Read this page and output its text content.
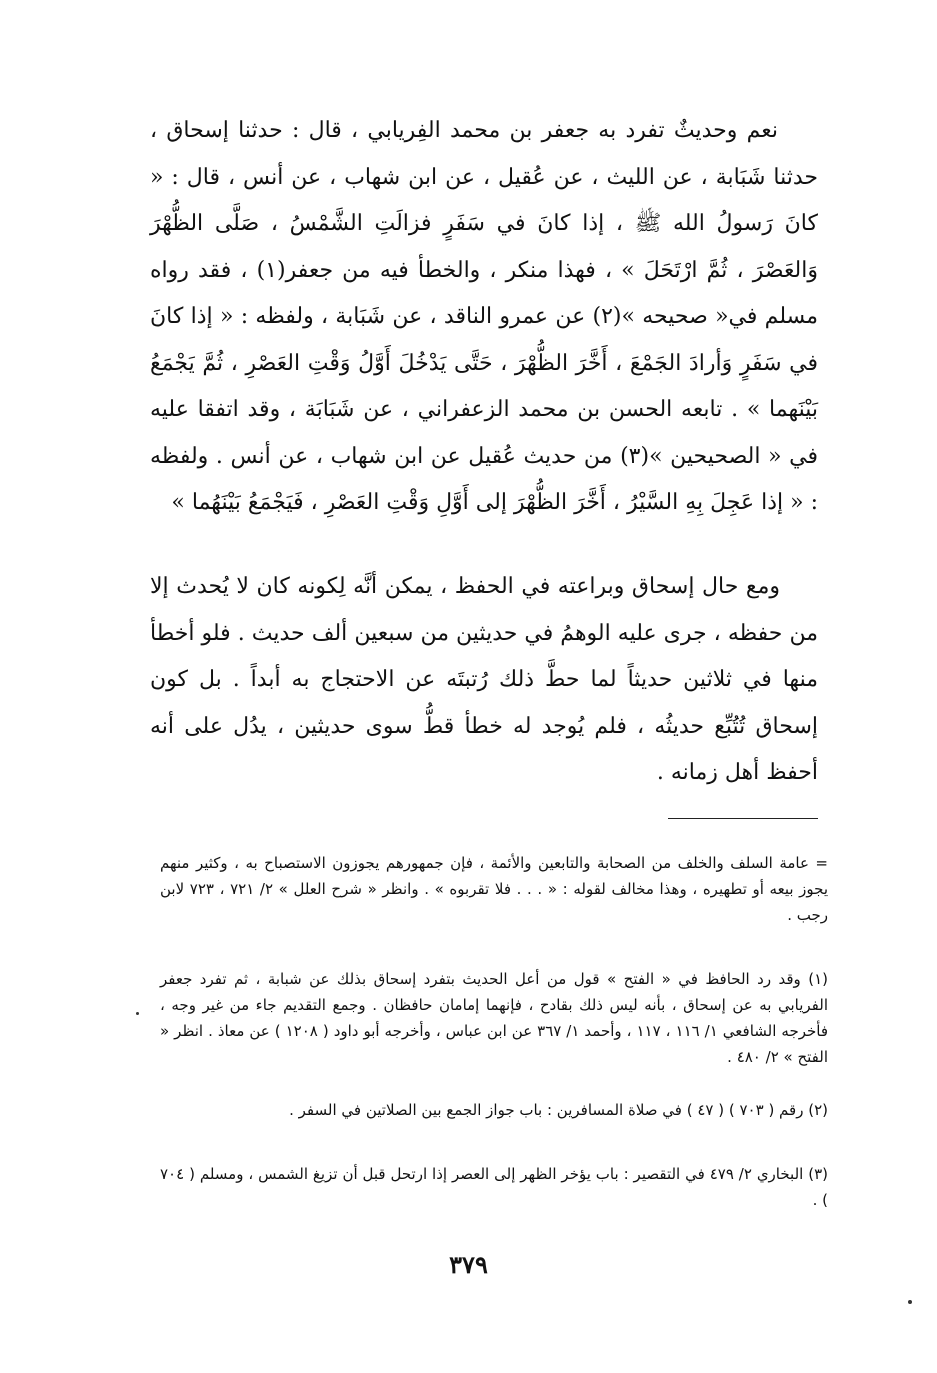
نعم وحديثٌ تفرد به جعفر بن محمد الفِريابي ، قال : حدثنا إسحاق ، حدثنا شَبَابة ، عن الليث ، عن عُقيل ، عن ابن شهاب ، عن أنس ، قال : « كانَ رَسولُ الله ﷺ ، إذا كانَ في سَفَرٍ فزالَتِ الشَّمْسُ ، صَلَّى الظُّهْرَ وَالعَصْرَ ، ثُمَّ ارْتَحَلَ » ، فهذا منكر ، والخطأ فيه من جعفر(١) ، فقد رواه مسلم في« صحيحه »(٢) عن عمرو الناقد ، عن شَبَابة ، ولفظه : « إذا كانَ في سَفَرٍ وَأرادَ الجَمْعَ ، أَخَّرَ الظُّهْرَ ، حَتَّى يَدْخُلَ أَوَّلُ وَقْتِ العَصْرِ ، ثُمَّ يَجْمَعُ بَيْنَهما » . تابعه الحسن بن محمد الزعفراني ، عن شَبَابَة ، وقد اتفقا عليه في « الصحيحين »(٣) من حديث عُقيل عن ابن شهاب ، عن أنس . ولفظه : « إذا عَجِلَ بِهِ السَّيْرُ ، أَخَّرَ الظُّهْرَ إلى أَوَّلِ وَقْتِ العَصْرِ ، فَيَجْمَعُ بَيْنَهُما »

ومع حال إسحاق وبراعته في الحفظ ، يمكن أنَّه لِكونه كان لا يُحدث إلا من حفظه ، جرى عليه الوهمُ في حديثين من سبعين ألف حديث . فلو أخطأ منها في ثلاثين حديثاً لما حطَّ ذلك رُتبتَه عن الاحتجاج به أبداً . بل كون إسحاق تُتُبِّع حديثُه ، فلم يُوجد له خطأ قطُّ سوى حديثين ، يدُل على أنه أحفظ أهل زمانه .

= عامة السلف والخلف من الصحابة والتابعين والأئمة ، فإن جمهورهم يجوزون الاستصباح به ، وكثير منهم يجوز بيعه أو تطهيره ، وهذا مخالف لقوله : « . . . فلا تقربوه » . وانظر « شرح العلل » ٢/ ٧٢١ ، ٧٢٣ لابن رجب .

(١) وقد رد الحافظ في « الفتح » قول من أعل الحديث بتفرد إسحاق بذلك عن شبابة ، ثم تفرد جعفر الفريابي به عن إسحاق ، بأنه ليس ذلك بقادح ، فإنهما إمامان حافظان . وجمع التقديم جاء من غير وجه ، فأخرجه الشافعي ١/ ١١٦ ، ١١٧ ، وأحمد ١/ ٣٦٧ عن ابن عباس ، وأخرجه أبو داود ( ١٢٠٨ ) عن معاذ . انظر « الفتح » ٢/ ٤٨٠ .

(٢) رقم ( ٧٠٣ ) ( ٤٧ ) في صلاة المسافرين : باب جواز الجمع بين الصلاتين في السفر .

(٣) البخاري ٢/ ٤٧٩ في التقصير : باب يؤخر الظهر إلى العصر إذا ارتحل قبل أن تزيغ الشمس ، ومسلم ( ٧٠٤ ) .

٣٧٩
